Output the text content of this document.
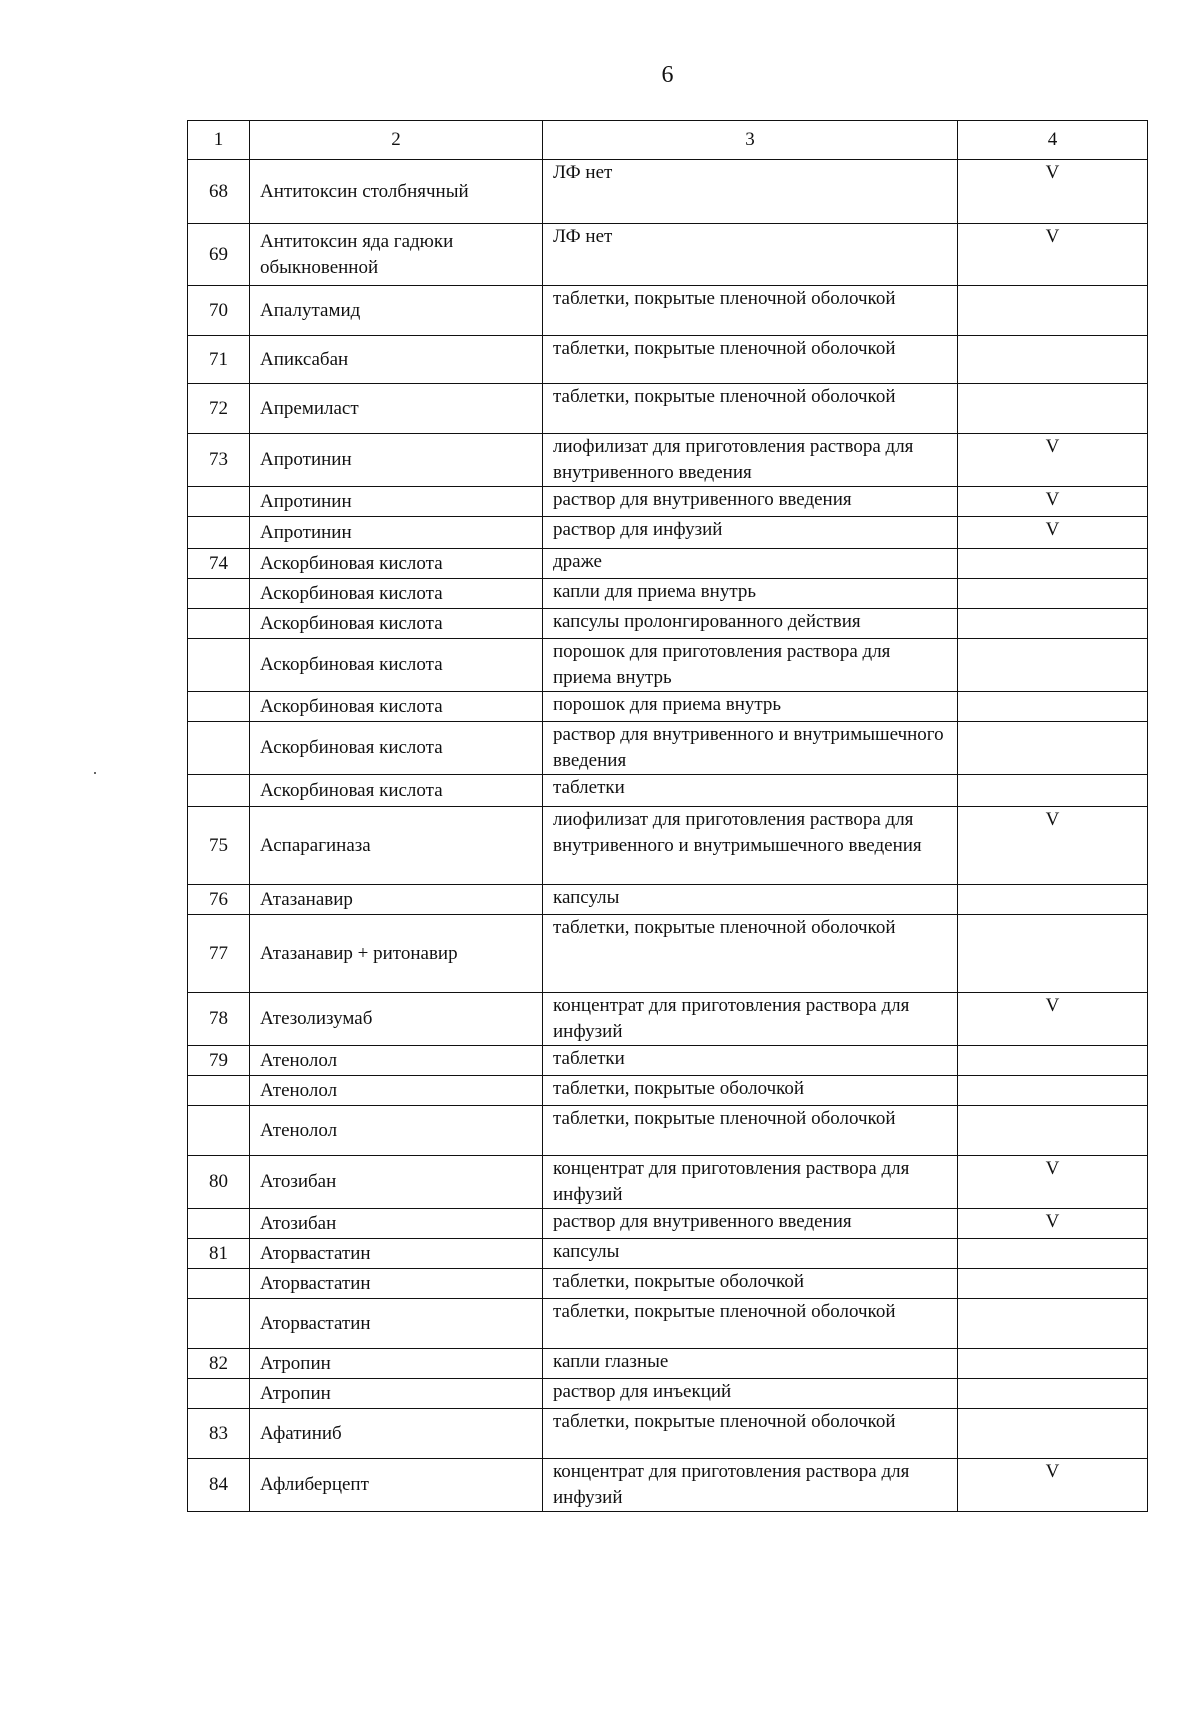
6
1	2	3	4
68	Антитоксин столбнячный	ЛФ нет	V
69	Антитоксин яда гадюки обыкновенной	ЛФ нет	V
70	Апалутамид	таблетки, покрытые пленочной оболочкой	
71	Апиксабан	таблетки, покрытые пленочной оболочкой	
72	Апремиласт	таблетки, покрытые пленочной оболочкой	
73	Апротинин	лиофилизат для приготовления раствора для внутривенного введения	V
	Апротинин	раствор для внутривенного введения	V
	Апротинин	раствор для инфузий	V
74	Аскорбиновая кислота	драже	
	Аскорбиновая кислота	капли для приема внутрь	
	Аскорбиновая кислота	капсулы пролонгированного действия	
	Аскорбиновая кислота	порошок для приготовления раствора для приема внутрь	
	Аскорбиновая кислота	порошок для приема внутрь	
	Аскорбиновая кислота	раствор для внутривенного и внутримышечного введения	
	Аскорбиновая кислота	таблетки	
75	Аспарагиназа	лиофилизат для приготовления раствора для внутривенного и внутримышечного введения	V
76	Атазанавир	капсулы	
77	Атазанавир + ритонавир	таблетки, покрытые пленочной оболочкой	
78	Атезолизумаб	концентрат для приготовления раствора для инфузий	V
79	Атенолол	таблетки	
	Атенолол	таблетки, покрытые оболочкой	
	Атенолол	таблетки, покрытые пленочной оболочкой	
80	Атозибан	концентрат для приготовления раствора для инфузий	V
	Атозибан	раствор для внутривенного введения	V
81	Аторвастатин	капсулы	
	Аторвастатин	таблетки, покрытые оболочкой	
	Аторвастатин	таблетки, покрытые пленочной оболочкой	
82	Атропин	капли глазные	
	Атропин	раствор для инъекций	
83	Афатиниб	таблетки, покрытые пленочной оболочкой	
84	Афлиберцепт	концентрат для приготовления раствора для инфузий	V
